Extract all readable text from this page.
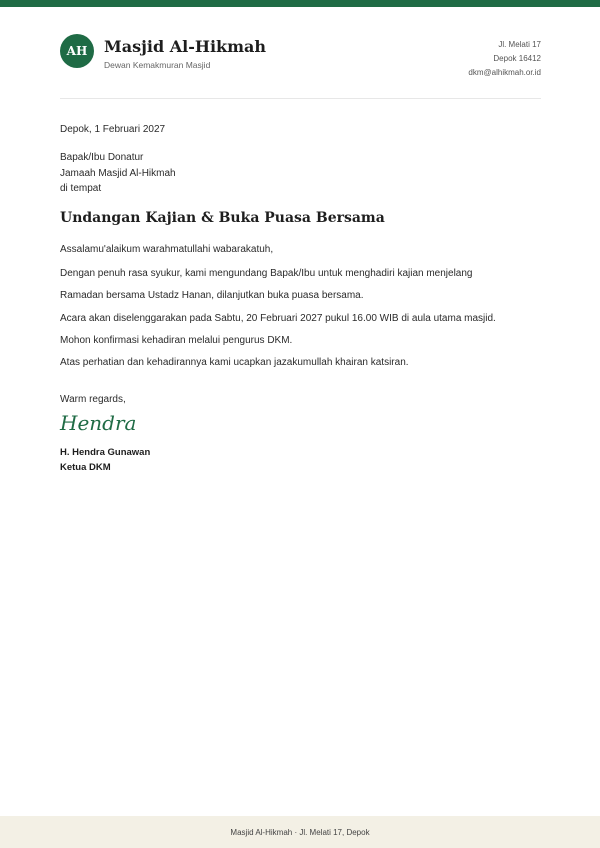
AH	Masjid Al-Hikmah
Dewan Kemakmuran Masjid
Jl. Melati 17
Depok 16412
dkm@alhikmah.or.id
Depok, 1 Februari 2027
Bapak/Ibu Donatur
Jamaah Masjid Al-Hikmah
di tempat
Undangan Kajian & Buka Puasa Bersama
Assalamu'alaikum warahmatullahi wabarakatuh,
Dengan penuh rasa syukur, kami mengundang Bapak/Ibu untuk menghadiri kajian menjelang
Ramadan bersama Ustadz Hanan, dilanjutkan buka puasa bersama.
Acara akan diselenggarakan pada Sabtu, 20 Februari 2027 pukul 16.00 WIB di aula utama masjid.
Mohon konfirmasi kehadiran melalui pengurus DKM.
Atas perhatian dan kehadirannya kami ucapkan jazakumullah khairan katsiran.
Warm regards,
Hendra
H. Hendra Gunawan
Ketua DKM
Masjid Al-Hikmah · Jl. Melati 17, Depok
